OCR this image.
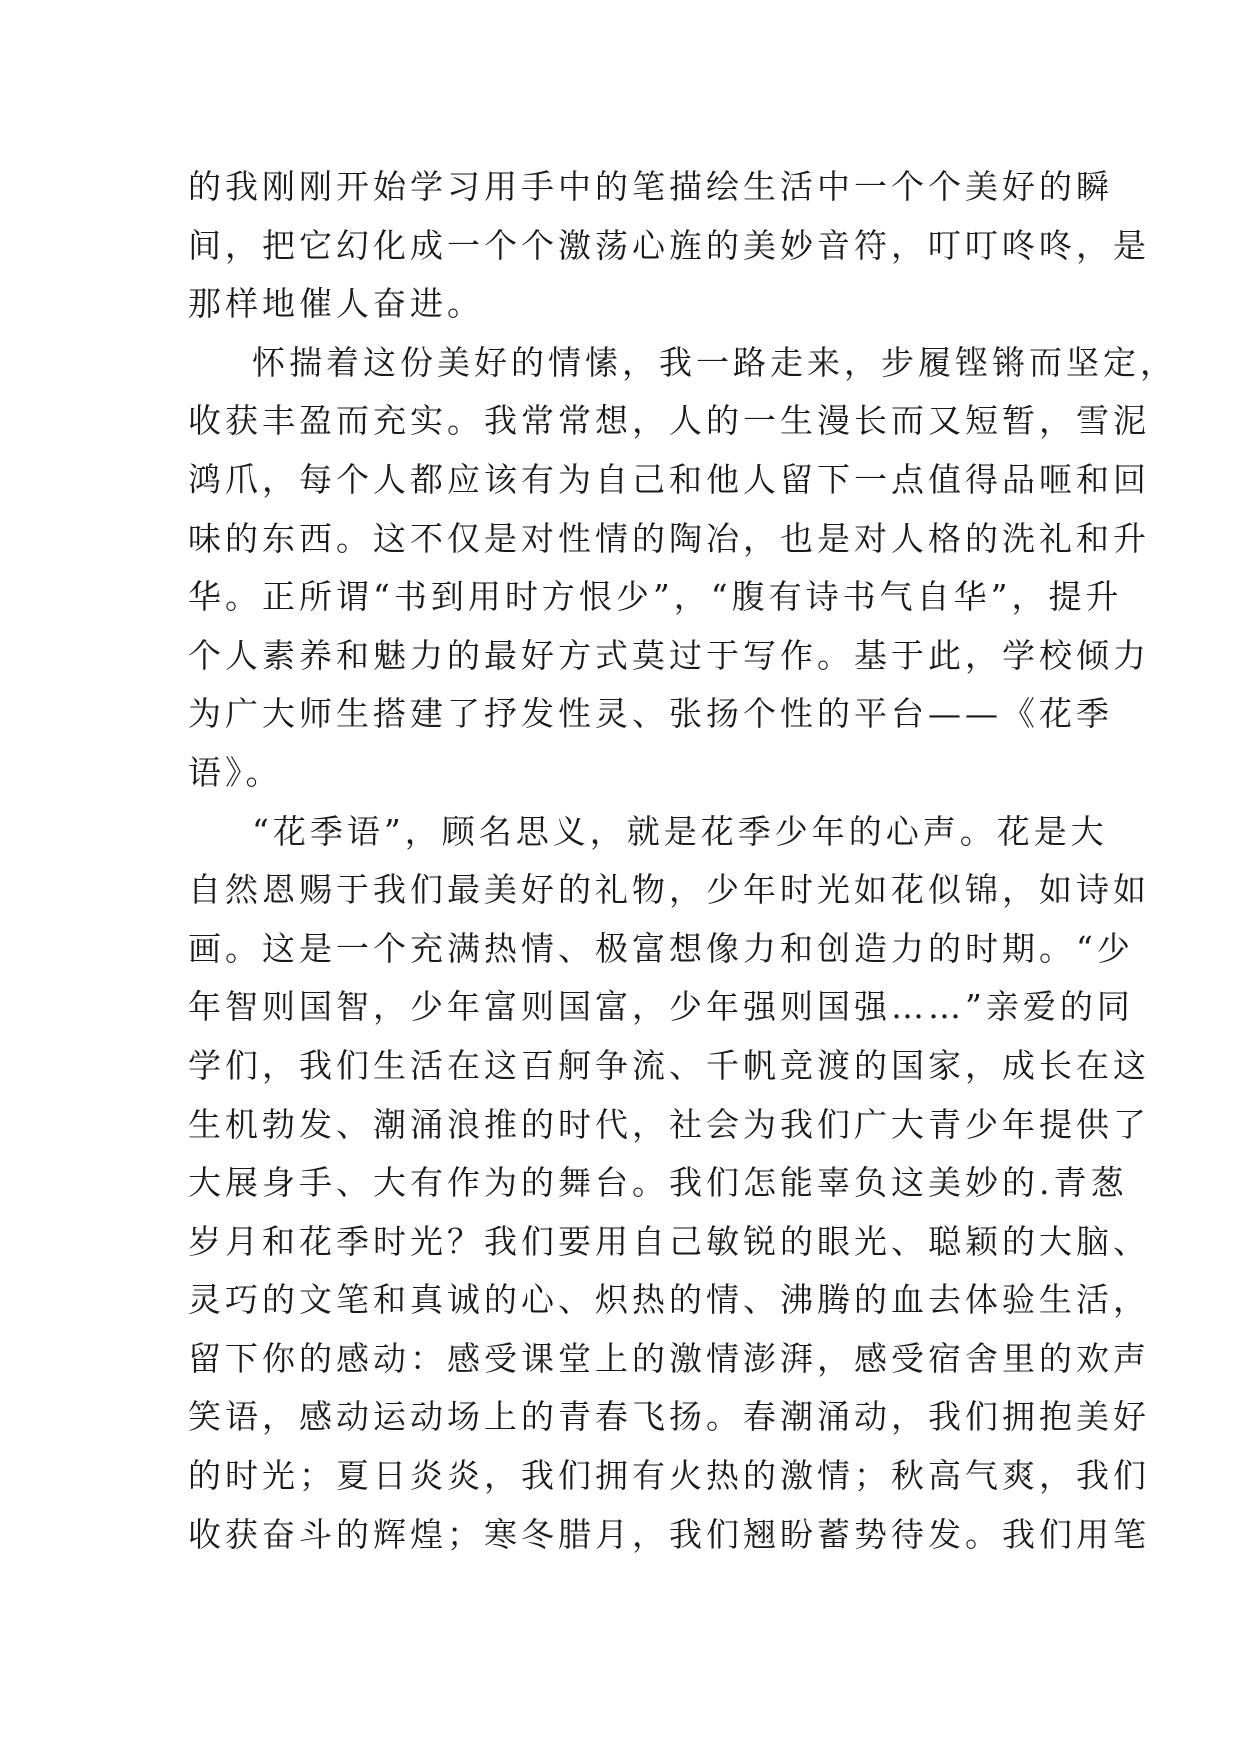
的我刚刚开始学习用手中的笔描绘生活中一个个美好的瞬
间，把它幻化成一个个激荡心旌的美妙音符，叮叮咚咚，是
那样地催人奋进。
怀揣着这份美好的情愫，我一路走来，步履铿锵而坚定，
收获丰盈而充实。我常常想，人的一生漫长而又短暂，雪泥
鸿爪，每个人都应该有为自己和他人留下一点值得品咂和回
味的东西。这不仅是对性情的陶冶，也是对人格的洗礼和升
华。正所谓“书到用时方恨少”，“腹有诗书气自华”，提升
个人素养和魅力的最好方式莫过于写作。基于此，学校倾力
为广大师生搭建了抒发性灵、张扬个性的平台——《花季
语》。
“花季语”，顾名思义，就是花季少年的心声。花是大
自然恩赐于我们最美好的礼物，少年时光如花似锦，如诗如
画。这是一个充满热情、极富想像力和创造力的时期。“少
年智则国智，少年富则国富，少年强则国强……”亲爱的同
学们，我们生活在这百舸争流、千帆竞渡的国家，成长在这
生机勃发、潮涌浪推的时代，社会为我们广大青少年提供了
大展身手、大有作为的舞台。我们怎能辜负这美妙的.青葱
岁月和花季时光？我们要用自己敏锐的眼光、聪颖的大脑、
灵巧的文笔和真诚的心、炽热的情、沸腾的血去体验生活，
留下你的感动：感受课堂上的激情澎湃，感受宿舍里的欢声
笑语，感动运动场上的青春飞扬。春潮涌动，我们拥抱美好
的时光；夏日炎炎，我们拥有火热的激情；秋高气爽，我们
收获奋斗的辉煌；寒冬腊月，我们翘盼蓄势待发。我们用笔
